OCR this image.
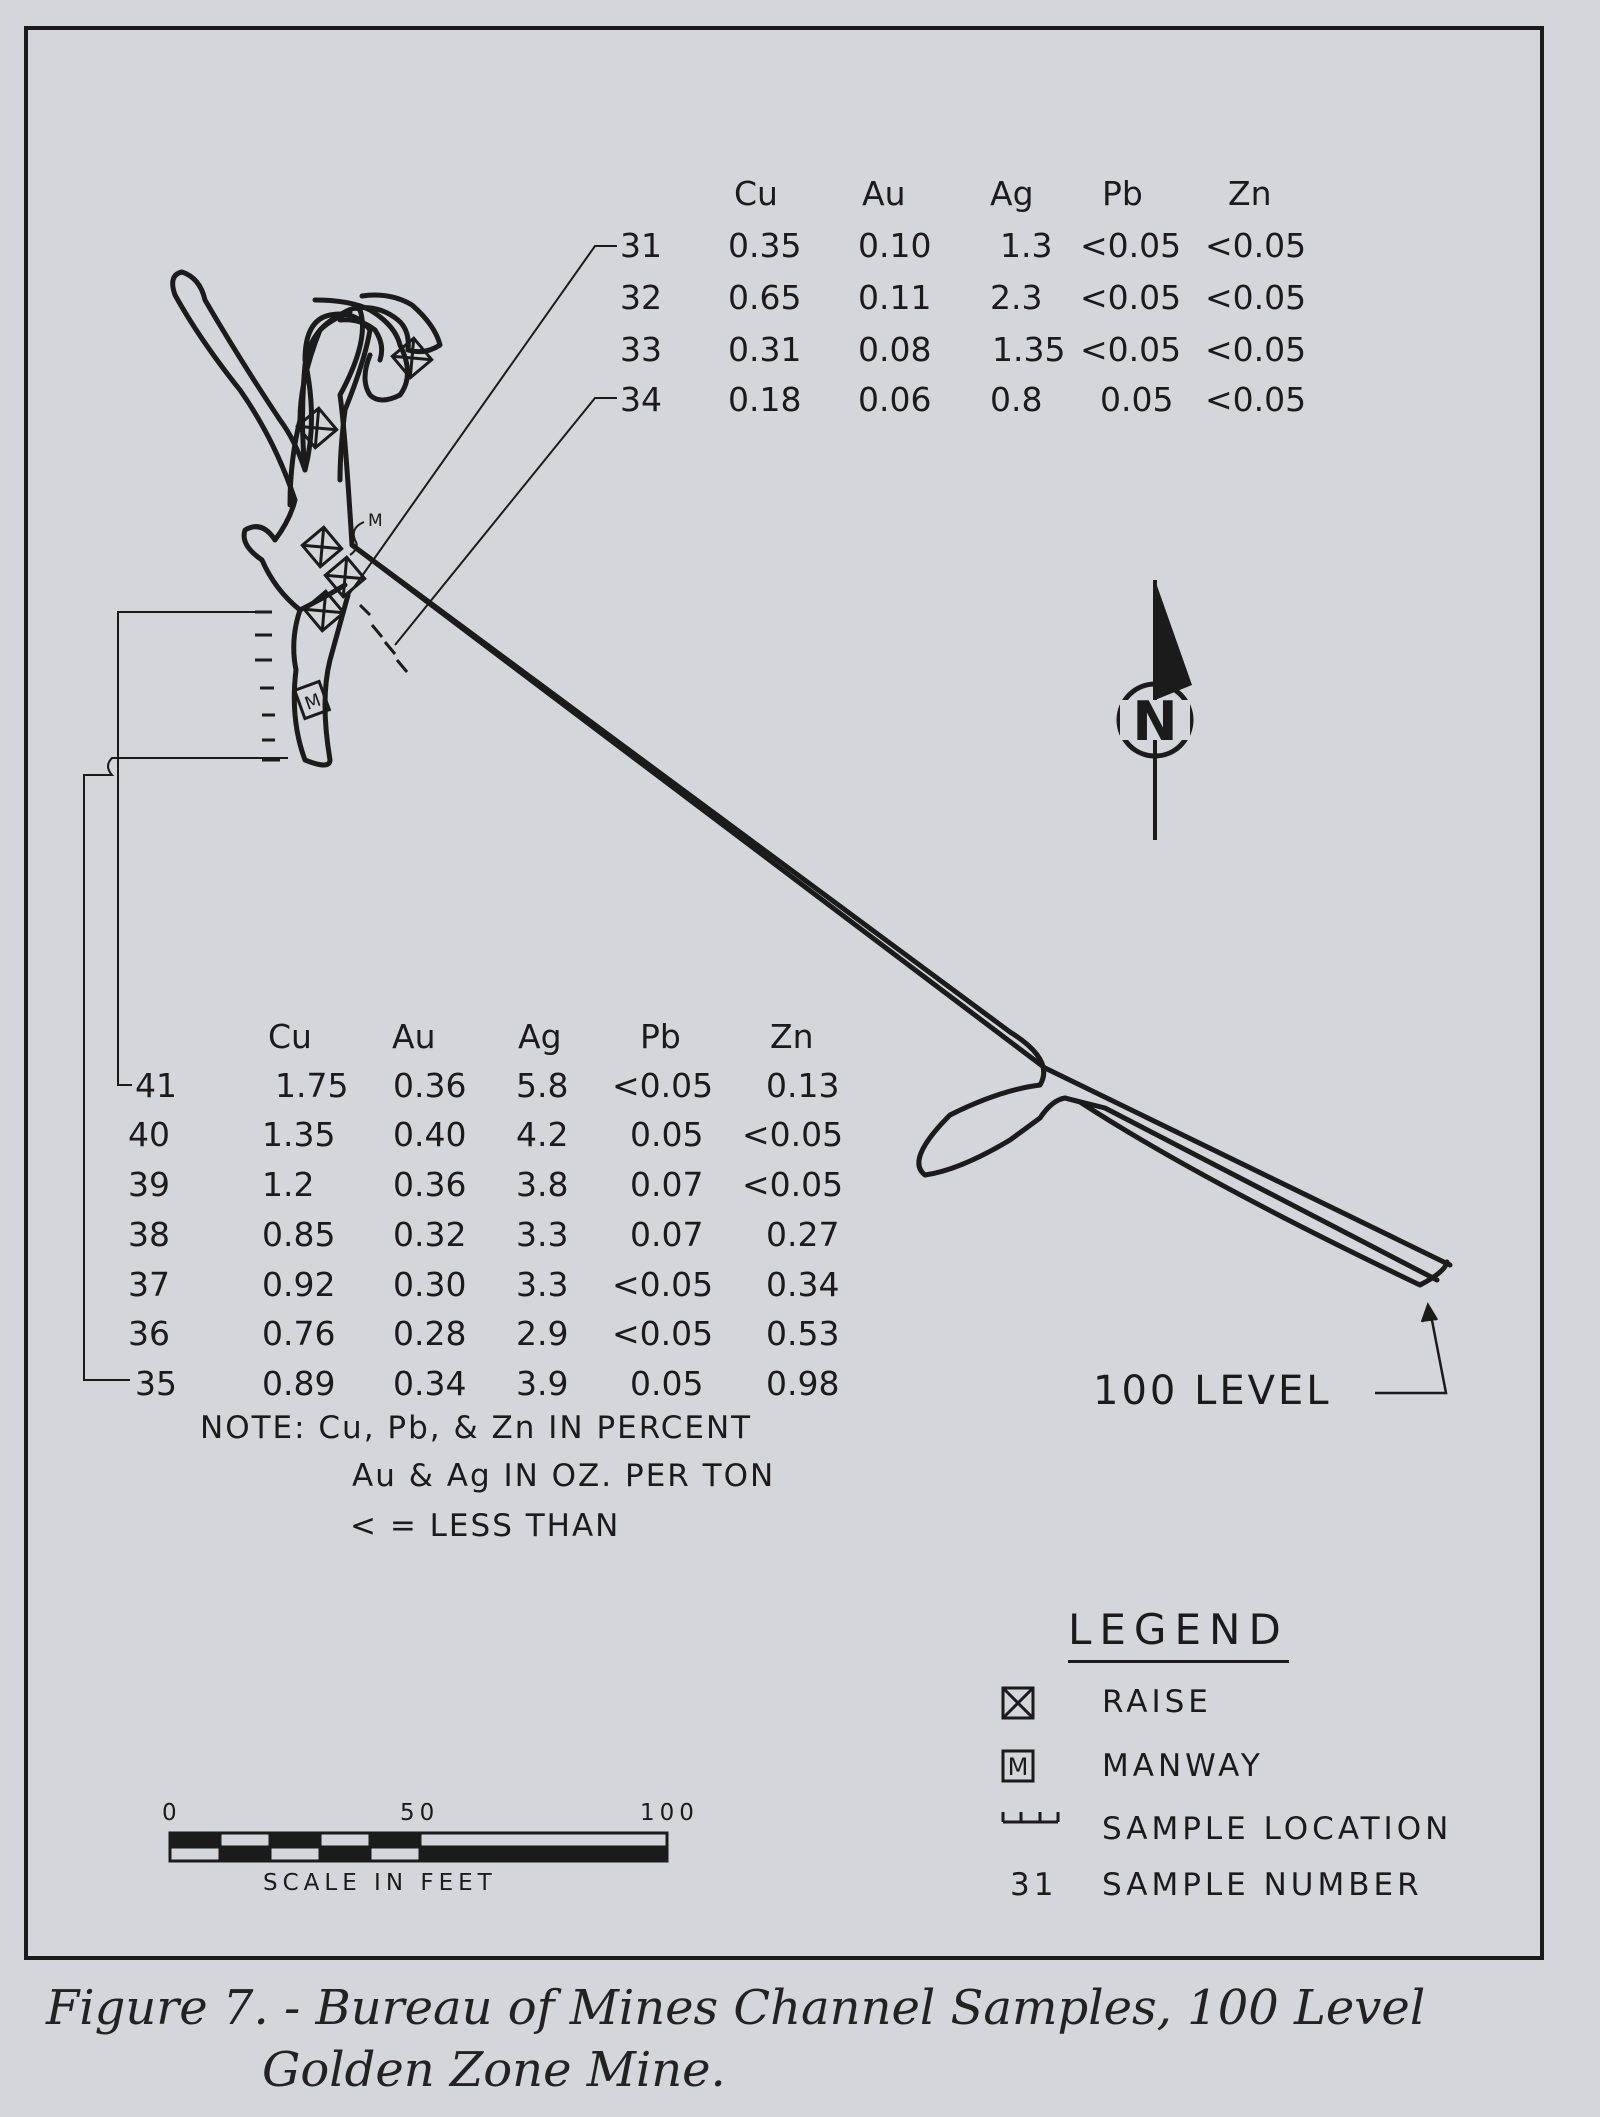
M
M
N
M
Cu	Au	Ag Pb	Zn
31 0.35 0.10 1.3 <0.05 <0.05
32 0.65 0.11 2.3 <0.05 <0.05
33 0.31 0.08 1.35 <0.05 <0.05
34 0.18 0.06 0.8 0.05 <0.05
Cu Au	Ag Pb	Zn
41	1.75 0.36 5.8 <0.05 0.13
40	1.35 0.40 4.2 0.05 <0.05
39	1.2 0.36 3.8 0.07 <0.05
38	0.85 0.32 3.3 0.07 0.27
37	0.92 0.30 3.3 <0.05 0.34
36	0.76 0.28 2.9 <0.05 0.53
35	0.89 0.34 3.9 0.05 0.98
NOTE: Cu, Pb, & Zn IN PERCENT
Au & Ag IN OZ. PER TON
< = LESS THAN
100 LEVEL
0	50	100
SCALE IN FEET
LEGEND
RAISE
MANWAY
SAMPLE LOCATION
31 SAMPLE NUMBER
Figure 7. - Bureau of Mines Channel Samples, 100 Level
Golden Zone Mine.
